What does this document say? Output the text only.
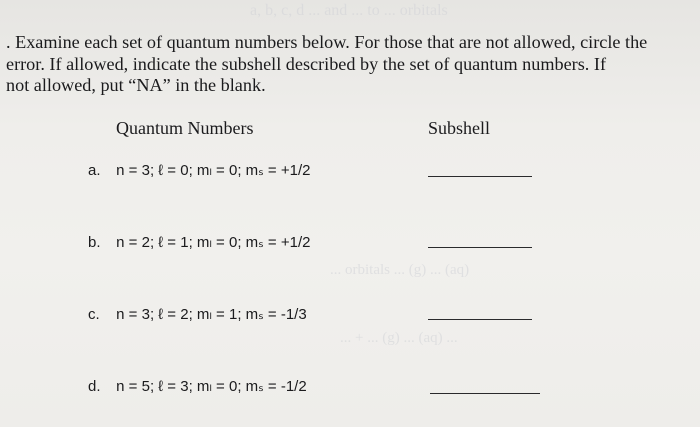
a, b, c, d ... and ... to ... orbitals
... orbitals ... (g) ... (aq)
... + ... (g) ... (aq) ...
. Examine each set of quantum numbers below. For those that are not allowed, circle the
error. If allowed, indicate the subshell described by the set of quantum numbers. If
not allowed, put “NA” in the blank.
Quantum Numbers	Subshell
a. n = 3; ℓ = 0; mₗ = 0; mₛ = +1/2
b. n = 2; ℓ = 1; mₗ = 0; mₛ = +1/2
c. n = 3; ℓ = 2; mₗ = 1; mₛ = -1/3
d. n = 5; ℓ = 3; mₗ = 0; mₛ = -1/2
